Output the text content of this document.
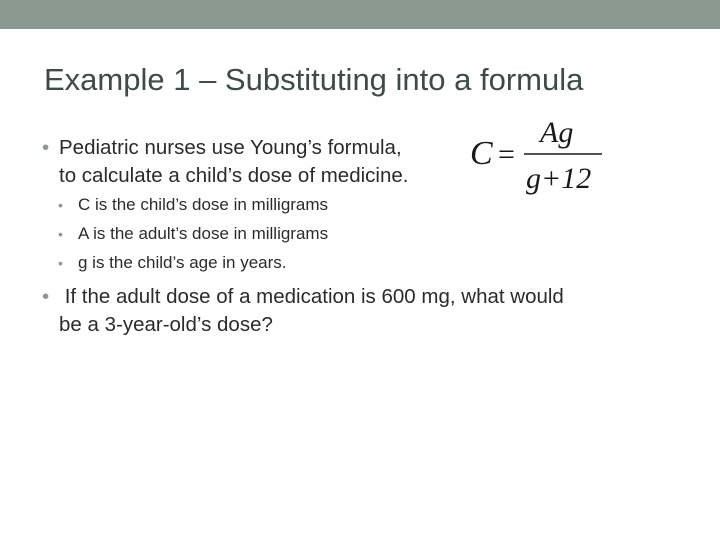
Example 1 – Substituting into a formula
• Pediatric nurses use Young’s formula,
to calculate a child’s dose of medicine.
C =
Ag
g+12
• C is the child’s dose in milligrams
• A is the adult’s dose in milligrams
• g is the child’s age in years.
• If the adult dose of a medication is 600 mg, what would
be a 3-year-old’s dose?
